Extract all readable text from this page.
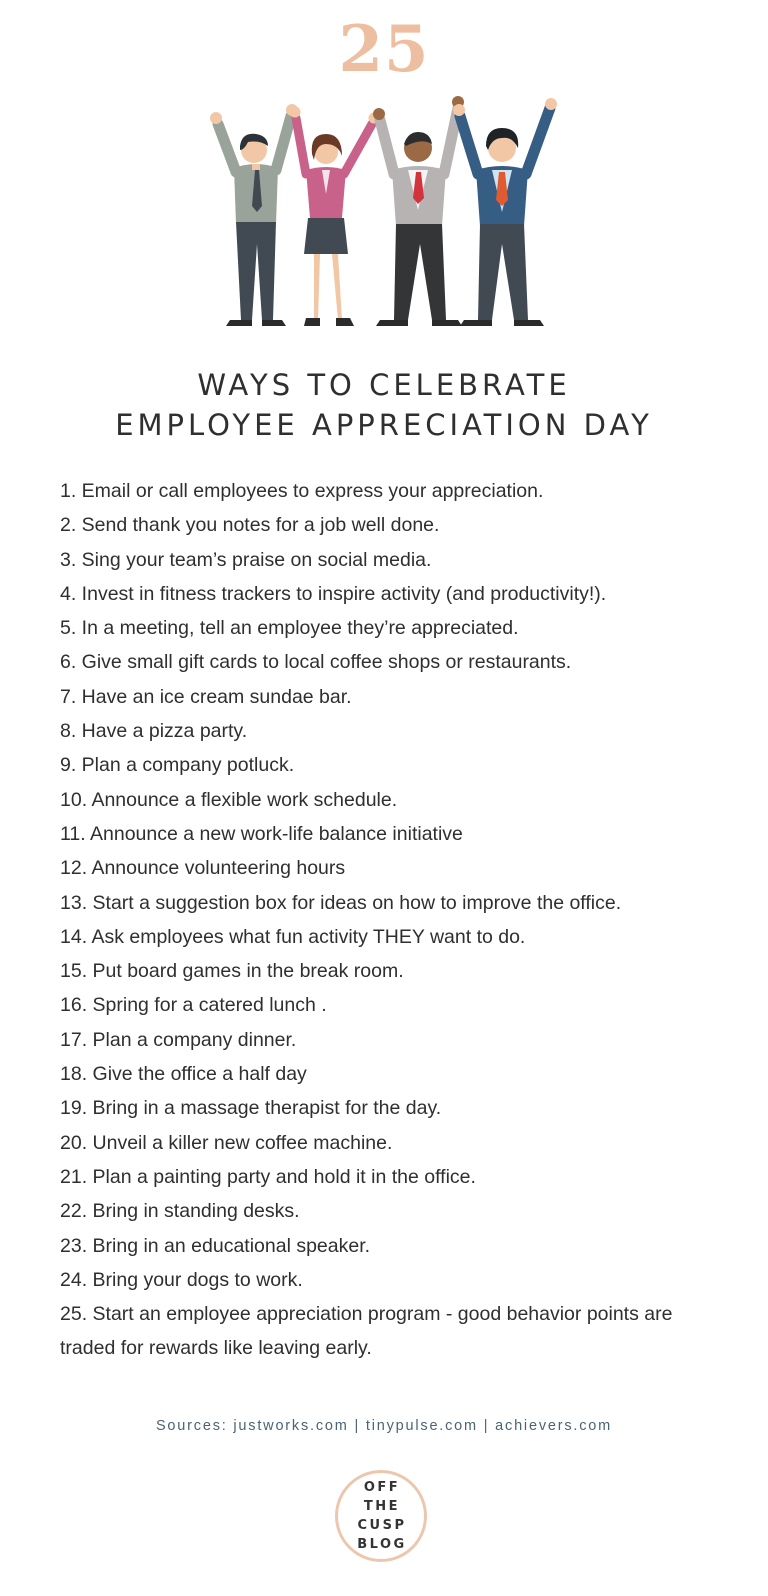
25
WAYS TO CELEBRATE
EMPLOYEE APPRECIATION DAY
1. Email or call employees to express your appreciation.
2. Send thank you notes for a job well done.
3. Sing your team’s praise on social media.
4. Invest in fitness trackers to inspire activity (and productivity!).
5. In a meeting, tell an employee they’re appreciated.
6. Give small gift cards to local coffee shops or restaurants.
7. Have an ice cream sundae bar.
8. Have a pizza party.
9. Plan a company potluck.
10. Announce a flexible work schedule.
11. Announce a new work-life balance initiative
12. Announce volunteering hours
13. Start a suggestion box for ideas on how to improve the office.
14. Ask employees what fun activity THEY want to do.
15. Put board games in the break room.
16. Spring for a catered lunch .
17. Plan a company dinner.
18. Give the office a half day
19. Bring in a massage therapist for the day.
20. Unveil a killer new coffee machine.
21. Plan a painting party and hold it in the office.
22. Bring in standing desks.
23. Bring in an educational speaker.
24. Bring your dogs to work.
25. Start an employee appreciation program - good behavior points are traded for rewards like leaving early.
Sources: justworks.com | tinypulse.com | achievers.com
OFF
THE
CUSP
BLOG
